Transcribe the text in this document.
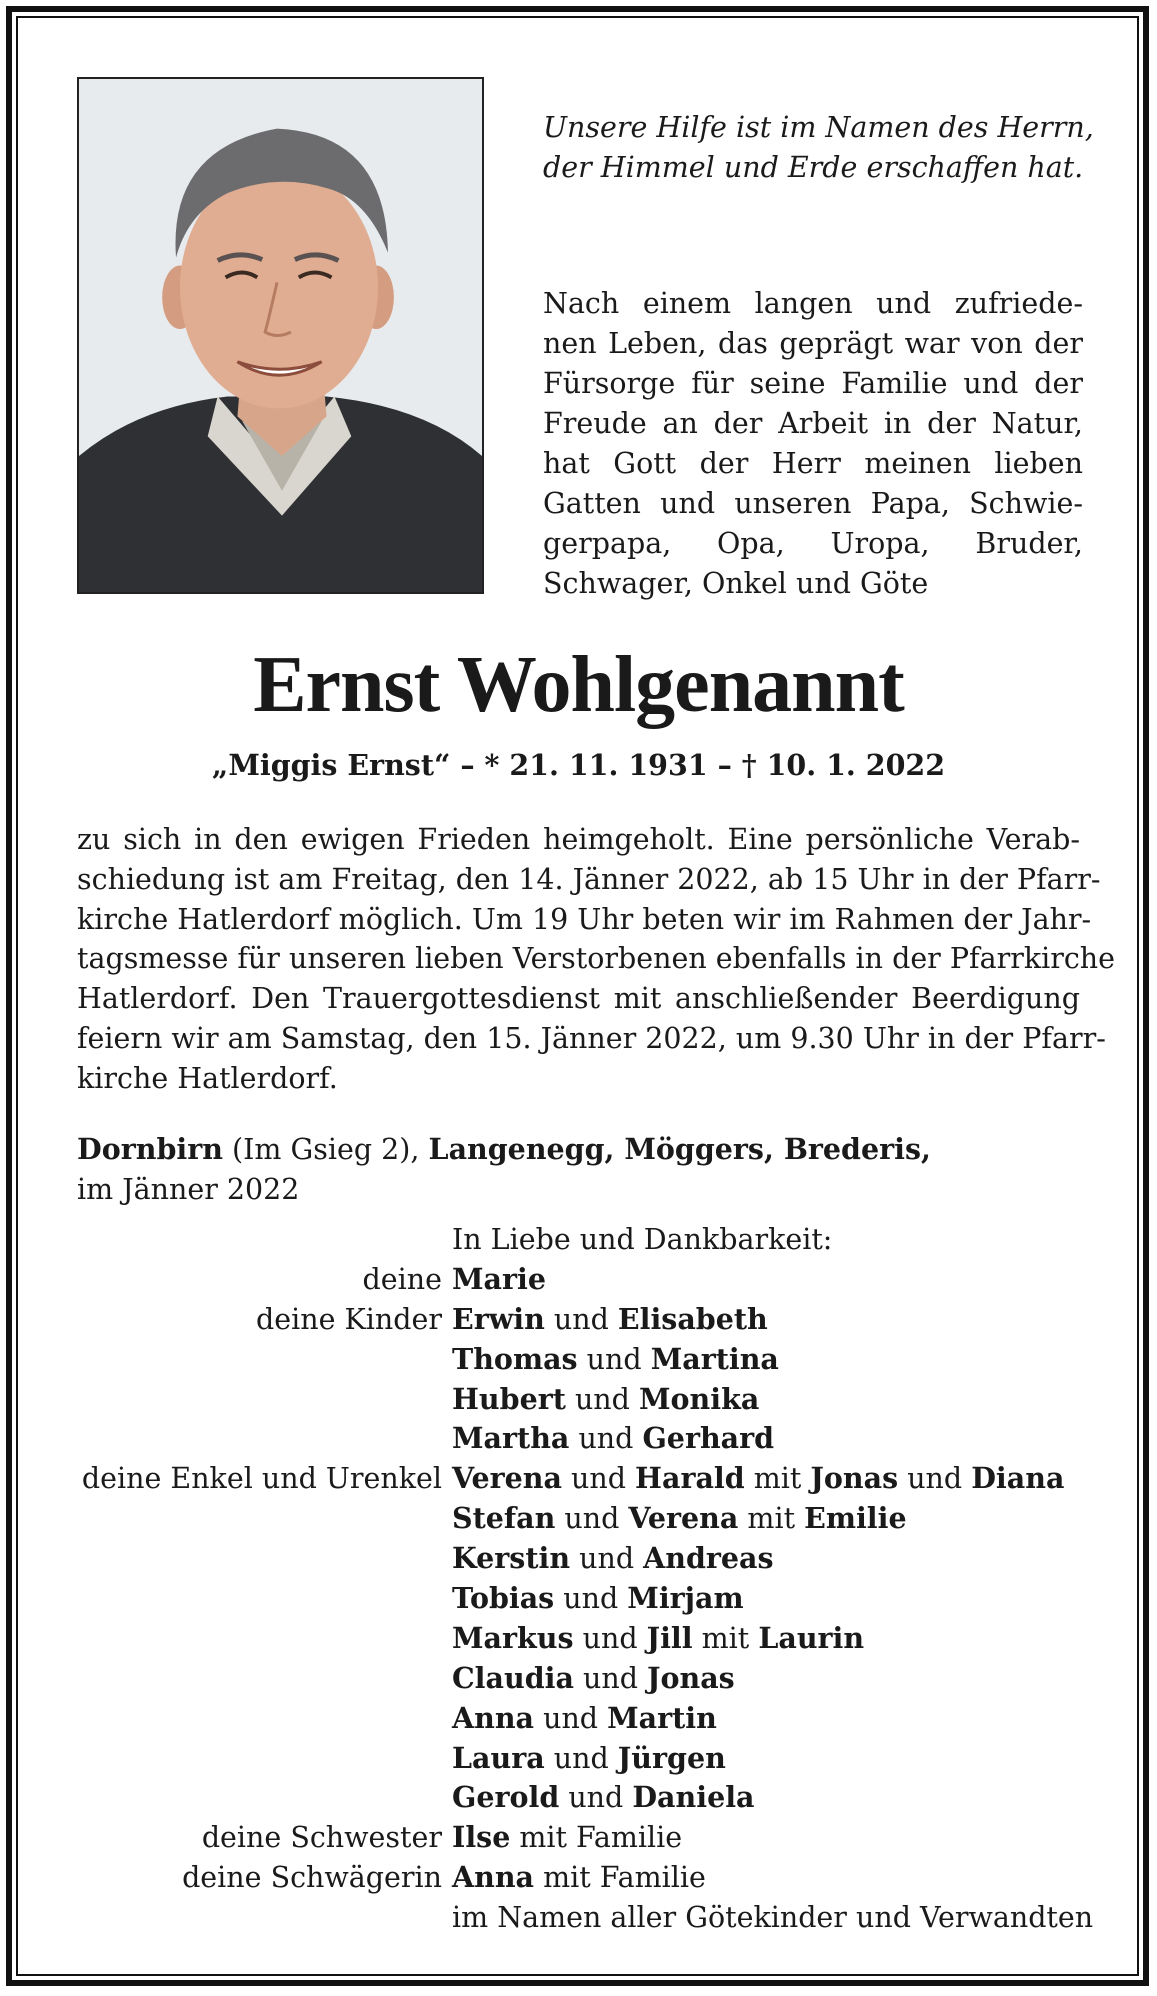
Unsere Hilfe ist im Namen des Herrn,
der Himmel und Erde erschaffen hat.
Nach einem langen und zufriede-
nen Leben, das geprägt war von der
Fürsorge für seine Familie und der
Freude an der Arbeit in der Natur,
hat Gott der Herr meinen lieben
Gatten und unseren Papa, Schwie-
gerpapa, Opa, Uropa, Bruder,
Schwager, Onkel und Göte
Ernst Wohlgenannt
„Miggis Ernst“ – * 21. 11. 1931 – † 10. 1. 2022
zu sich in den ewigen Frieden heimgeholt. Eine persönliche Verab-
schiedung ist am Freitag, den 14. Jänner 2022, ab 15 Uhr in der Pfarr-
kirche Hatlerdorf möglich. Um 19 Uhr beten wir im Rahmen der Jahr-
tagsmesse für unseren lieben Verstorbenen ebenfalls in der Pfarrkirche
Hatlerdorf. Den Trauergottesdienst mit anschließender Beerdigung
feiern wir am Samstag, den 15. Jänner 2022, um 9.30 Uhr in der Pfarr-
kirche Hatlerdorf.
Dornbirn (Im Gsieg 2), Langenegg, Möggers, Brederis,
im Jänner 2022
In Liebe und Dankbarkeit:
deine Marie
deine Kinder Erwin und Elisabeth
Thomas und Martina
Hubert und Monika
Martha und Gerhard
deine Enkel und Urenkel Verena und Harald mit Jonas und Diana
Stefan und Verena mit Emilie
Kerstin und Andreas
Tobias und Mirjam
Markus und Jill mit Laurin
Claudia und Jonas
Anna und Martin
Laura und Jürgen
Gerold und Daniela
deine Schwester Ilse mit Familie
deine Schwägerin Anna mit Familie
im Namen aller Götekinder und Verwandten
